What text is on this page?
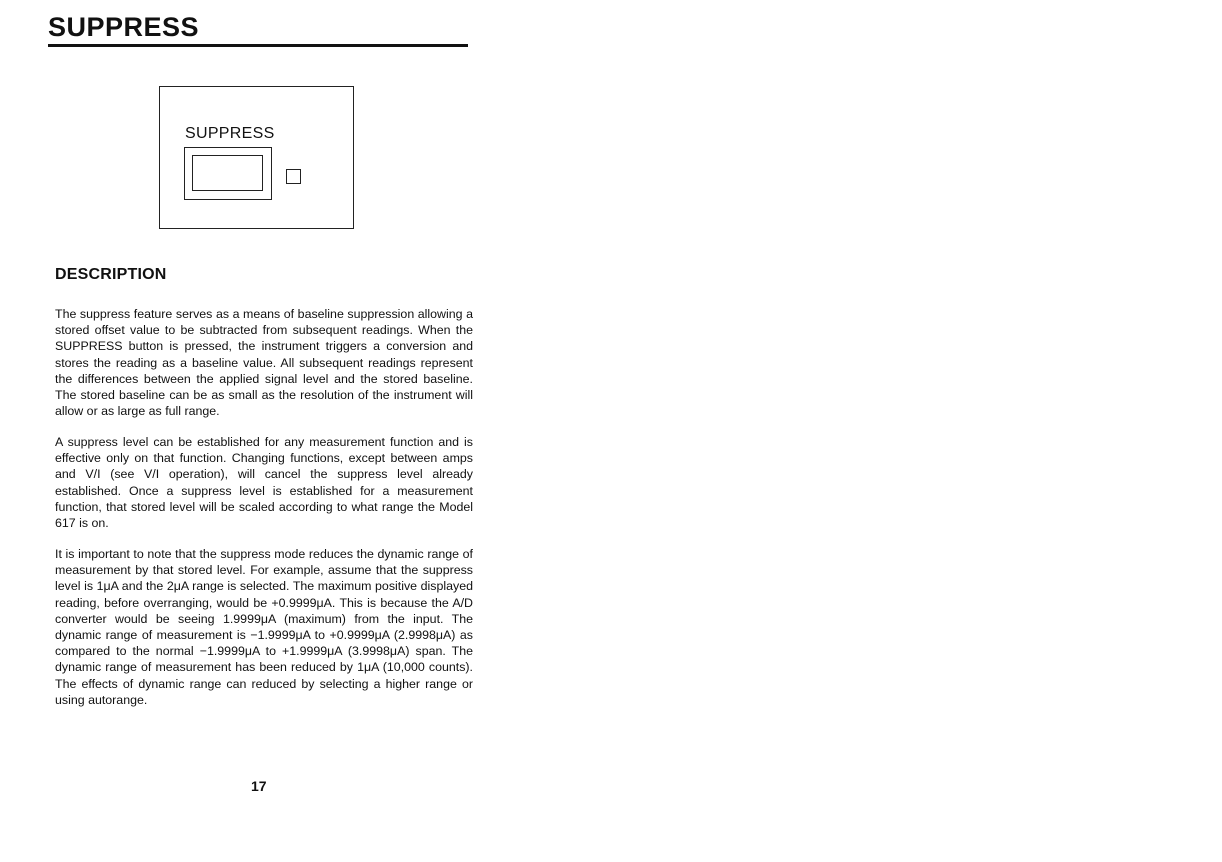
SUPPRESS
SUPPRESS
DESCRIPTION

The suppress feature serves as a means of baseline suppression allowing a stored offset value to be subtracted from subsequent readings. When the SUPPRESS button is pressed, the instrument triggers a conversion and stores the reading as a baseline value. All subsequent readings represent the differences between the applied signal level and the stored baseline. The stored baseline can be as small as the resolution of the instrument will allow or as large as full range.

A suppress level can be established for any measurement function and is effective only on that function. Changing functions, except between amps and V/I (see V/I operation), will cancel the suppress level already established. Once a suppress level is established for a measurement function, that stored level will be scaled according to what range the Model 617 is on.

It is important to note that the suppress mode reduces the dynamic range of measurement by that stored level. For example, assume that the suppress level is 1μA and the 2μA range is selected. The maximum positive displayed reading, before overranging, would be +0.9999μA. This is because the A/D converter would be seeing 1.9999μA (maximum) from the input. The dynamic range of measurement is −1.9999μA to +0.9999μA (2.9998μA) as compared to the normal −1.9999μA to +1.9999μA (3.9998μA) span. The dynamic range of measurement has been reduced by 1μA (10,000 counts). The effects of dynamic range can reduced by selecting a higher range or using autorange.

17
